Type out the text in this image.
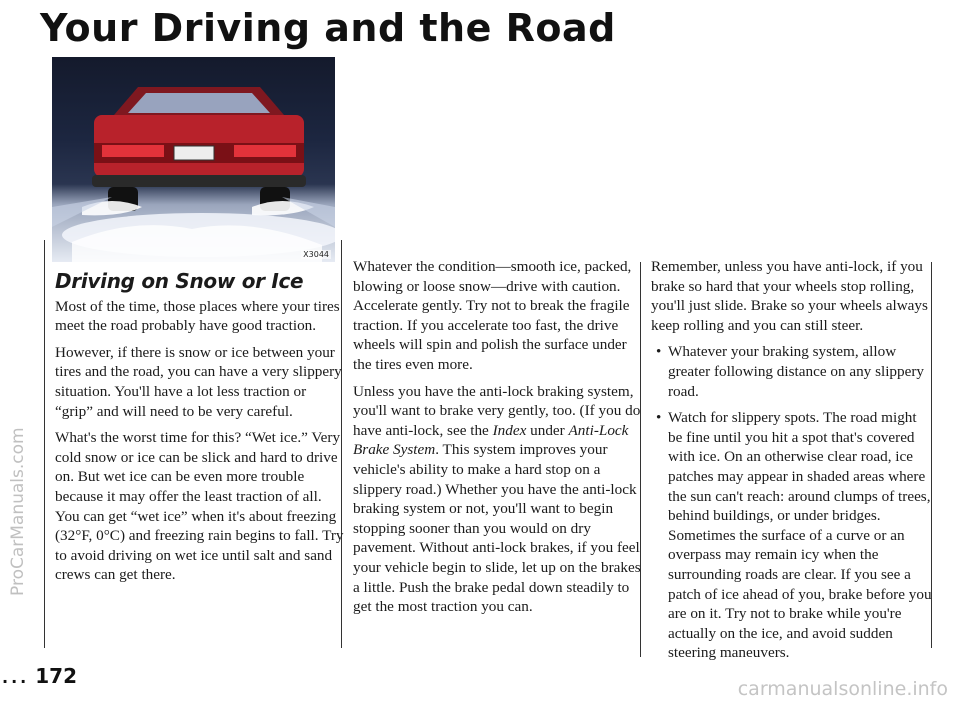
Your Driving and the Road
X3044
Driving on Snow or Ice

Most of the time, those places where your tires meet the road probably have good traction.

However, if there is snow or ice between your tires and the road, you can have a very slippery situation. You'll have a lot less traction or “grip” and will need to be very careful.

What's the worst time for this? “Wet ice.” Very cold snow or ice can be slick and hard to drive on. But wet ice can be even more trouble because it may offer the least traction of all. You can get “wet ice” when it's about freezing (32°F, 0°C) and freezing rain begins to fall. Try to avoid driving on wet ice until salt and sand crews can get there.

Whatever the condition—smooth ice, packed, blowing or loose snow—drive with caution. Accelerate gently. Try not to break the fragile traction. If you accelerate too fast, the drive wheels will spin and polish the surface under the tires even more.

Unless you have the anti-lock braking system, you'll want to brake very gently, too. (If you do have anti-lock, see the Index under Anti-Lock Brake System. This system improves your vehicle's ability to make a hard stop on a slippery road.) Whether you have the anti-lock braking system or not, you'll want to begin stopping sooner than you would on dry pavement. Without anti-lock brakes, if you feel your vehicle begin to slide, let up on the brakes a little. Push the brake pedal down steadily to get the most traction you can.

Remember, unless you have anti-lock, if you brake so hard that your wheels stop rolling, you'll just slide. Brake so your wheels always keep rolling and you can still steer.

• Whatever your braking system, allow greater following distance on any slippery road.
• Watch for slippery spots. The road might be fine until you hit a spot that's covered with ice. On an otherwise clear road, ice patches may appear in shaded areas where the sun can't reach: around clumps of trees, behind buildings, or under bridges. Sometimes the surface of a curve or an overpass may remain icy when the surrounding roads are clear. If you see a patch of ice ahead of you, brake before you are on it. Try not to brake while you're actually on the ice, and avoid sudden steering maneuvers.
... 172
ProCarManuals.com
carmanualsonline.info
